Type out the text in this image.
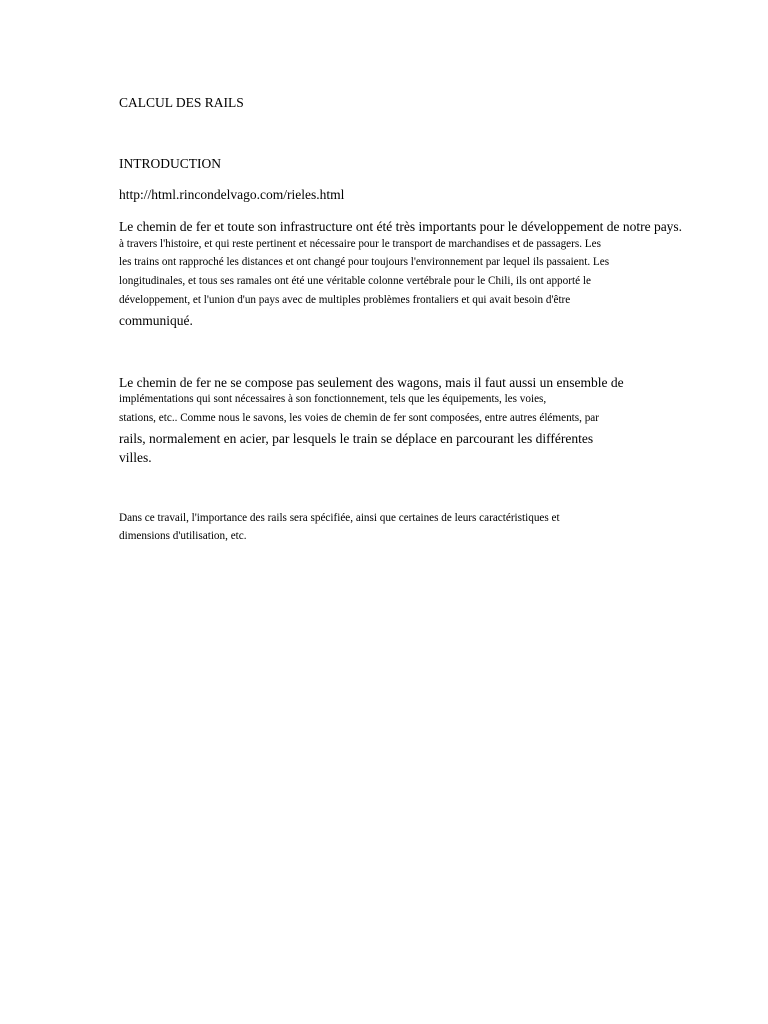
CALCUL DES RAILS
INTRODUCTION
http://html.rincondelvago.com/rieles.html
Le chemin de fer et toute son infrastructure ont été très importants pour le développement de notre pays.
à travers l'histoire, et qui reste pertinent et nécessaire pour le transport de marchandises et de passagers. Les
les trains ont rapproché les distances et ont changé pour toujours l'environnement par lequel ils passaient. Les
longitudinales, et tous ses ramales ont été une véritable colonne vertébrale pour le Chili, ils ont apporté le
développement, et l'union d'un pays avec de multiples problèmes frontaliers et qui avait besoin d'être
communiqué.
Le chemin de fer ne se compose pas seulement des wagons, mais il faut aussi un ensemble de
implémentations qui sont nécessaires à son fonctionnement, tels que les équipements, les voies,
stations, etc.. Comme nous le savons, les voies de chemin de fer sont composées, entre autres éléments, par
rails, normalement en acier, par lesquels le train se déplace en parcourant les différentes
villes.
Dans ce travail, l'importance des rails sera spécifiée, ainsi que certaines de leurs caractéristiques et
dimensions d'utilisation, etc.
